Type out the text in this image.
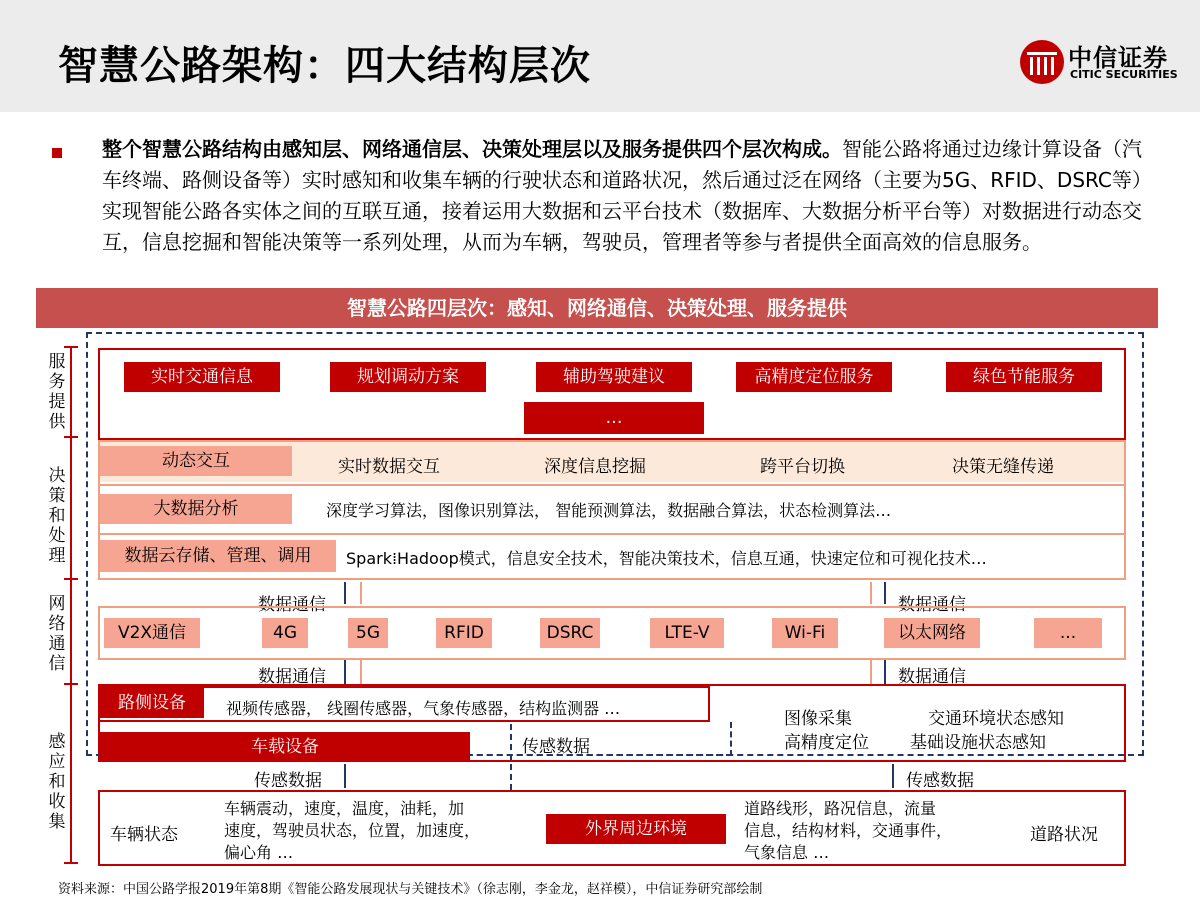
智慧公路架构：四大结构层次	中信证券
CITIC SECURITIES
整个智慧公路结构由感知层、网络通信层、决策处理层以及服务提供四个层次构成。智能公路将通过边缘计算设备（汽车终端、路侧设备等）实时感知和收集车辆的行驶状态和道路状况，然后通过泛在网络（主要为5G、RFID、DSRC等）实现智能公路各实体之间的互联互通，接着运用大数据和云平台技术（数据库、大数据分析平台等）对数据进行动态交互，信息挖掘和智能决策等一系列处理，从而为车辆，驾驶员，管理者等参与者提供全面高效的信息服务。
智慧公路四层次：感知、网络通信、决策处理、服务提供
服务提供
决策和处理
网络通信
感应和收集
实时交通信息	规划调动方案	辅助驾驶建议	高精度定位服务	绿色节能服务
…
动态交互	实时数据交互	深度信息挖掘	跨平台切换	决策无缝传递
大数据分析	深度学习算法，图像识别算法， 智能预测算法，数据融合算法，状态检测算法…
数据云存储、管理、调用	Spark⁞Hadoop模式，信息安全技术，智能决策技术，信息互通，快速定位和可视化技术…
数据通信	数据通信
V2X通信	4G	5G	RFID	DSRC	LTE-V	Wi-Fi	以太网络	...
数据通信	数据通信
路侧设备	视频传感器， 线圈传感器，气象传感器，结构监测器 …
车载设备	传感数据
图像采集	交通环境状态感知
高精度定位 基础设施状态感知
传感数据	传感数据
车辆状态
车辆震动，速度，温度，油耗，加
速度，驾驶员状态，位置，加速度，
偏心角 …
外界周边环境
道路线形，路况信息，流量
信息，结构材料，交通事件，
气象信息 …
道路状况
资料来源：中国公路学报2019年第8期《智能公路发展现状与关键技术》（徐志刚，李金龙，赵祥模），中信证券研究部绘制
